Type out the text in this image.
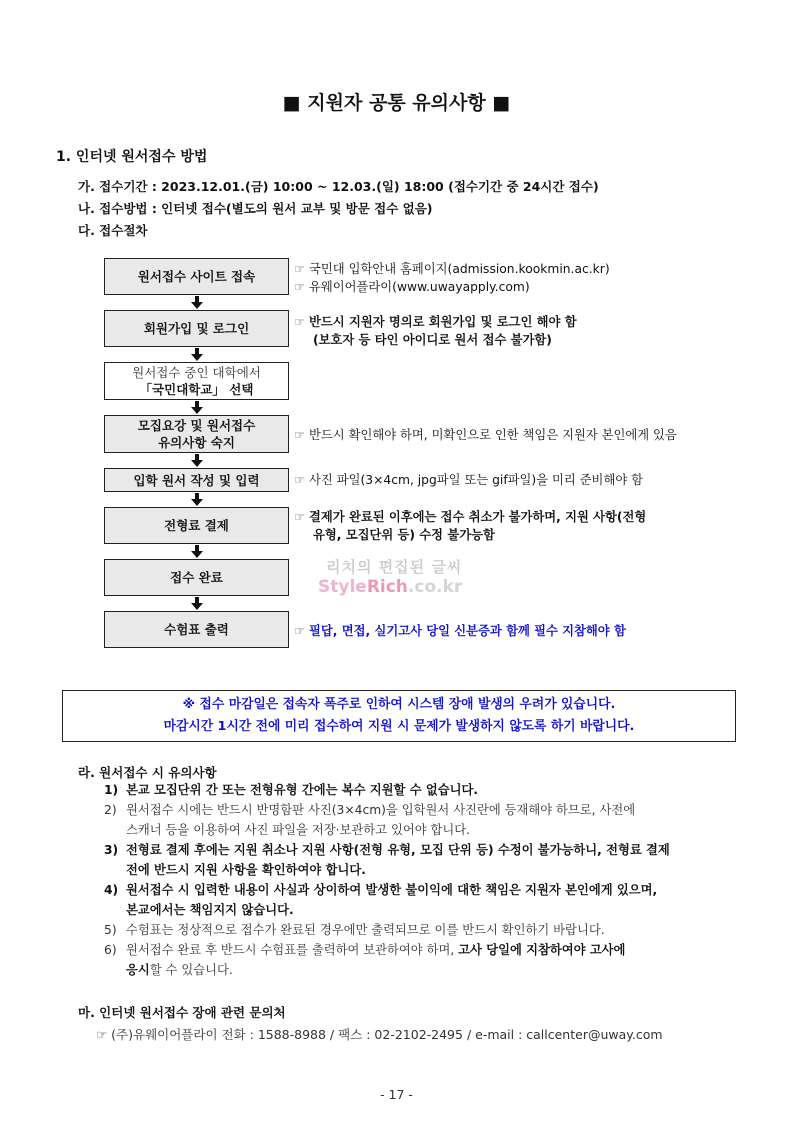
■ 지원자 공통 유의사항 ■
1. 인터넷 원서접수 방법
가. 접수기간 : 2023.12.01.(금) 10:00 ~ 12.03.(일) 18:00 (접수기간 중 24시간 접수)
나. 접수방법 : 인터넷 접수(별도의 원서 교부 및 방문 접수 없음)
다. 접수절차
원서접수 사이트 접속
회원가입 및 로그인
원서접수 중인 대학에서
「국민대학교」 선택
모집요강 및 원서접수
유의사항 숙지
입학 원서 작성 및 입력
전형료 결제
접수 완료
수험표 출력
☞ 국민대 입학안내 홈페이지(admission.kookmin.ac.kr)
☞ 유웨이어플라이(www.uwayapply.com)
☞ 반드시 지원자 명의로 회원가입 및 로그인 해야 함
(보호자 등 타인 아이디로 원서 접수 불가함)
☞ 반드시 확인해야 하며, 미확인으로 인한 책임은 지원자 본인에게 있음
☞ 사진 파일(3×4cm, jpg파일 또는 gif파일)을 미리 준비해야 함
☞ 결제가 완료된 이후에는 접수 취소가 불가하며, 지원 사항(전형
유형, 모집단위 등) 수정 불가능함
☞ 필답, 면접, 실기고사 당일 신분증과 함께 필수 지참해야 함
리치의 편집된 글씨
StyleRich.co.kr
※ 접수 마감일은 접속자 폭주로 인하여 시스템 장애 발생의 우려가 있습니다.
마감시간 1시간 전에 미리 접수하여 지원 시 문제가 발생하지 않도록 하기 바랍니다.
라. 원서접수 시 유의사항
1) 본교 모집단위 간 또는 전형유형 간에는 복수 지원할 수 없습니다.
2) 원서접수 시에는 반드시 반명함판 사진(3×4cm)을 입학원서 사진란에 등재해야 하므로, 사전에
스캐너 등을 이용하여 사진 파일을 저장·보관하고 있어야 합니다.
3) 전형료 결제 후에는 지원 취소나 지원 사항(전형 유형, 모집 단위 등) 수정이 불가능하니, 전형료 결제
전에 반드시 지원 사항을 확인하여야 합니다.
4) 원서접수 시 입력한 내용이 사실과 상이하여 발생한 불이익에 대한 책임은 지원자 본인에게 있으며,
본교에서는 책임지지 않습니다.
5) 수험표는 정상적으로 접수가 완료된 경우에만 출력되므로 이를 반드시 확인하기 바랍니다.
6) 원서접수 완료 후 반드시 수험표를 출력하여 보관하여야 하며, 고사 당일에 지참하여야 고사에
응시할 수 있습니다.
마. 인터넷 원서접수 장애 관련 문의처
☞ (주)유웨이어플라이 전화 : 1588-8988 / 팩스 : 02-2102-2495 / e-mail : callcenter@uway.com
- 17 -
